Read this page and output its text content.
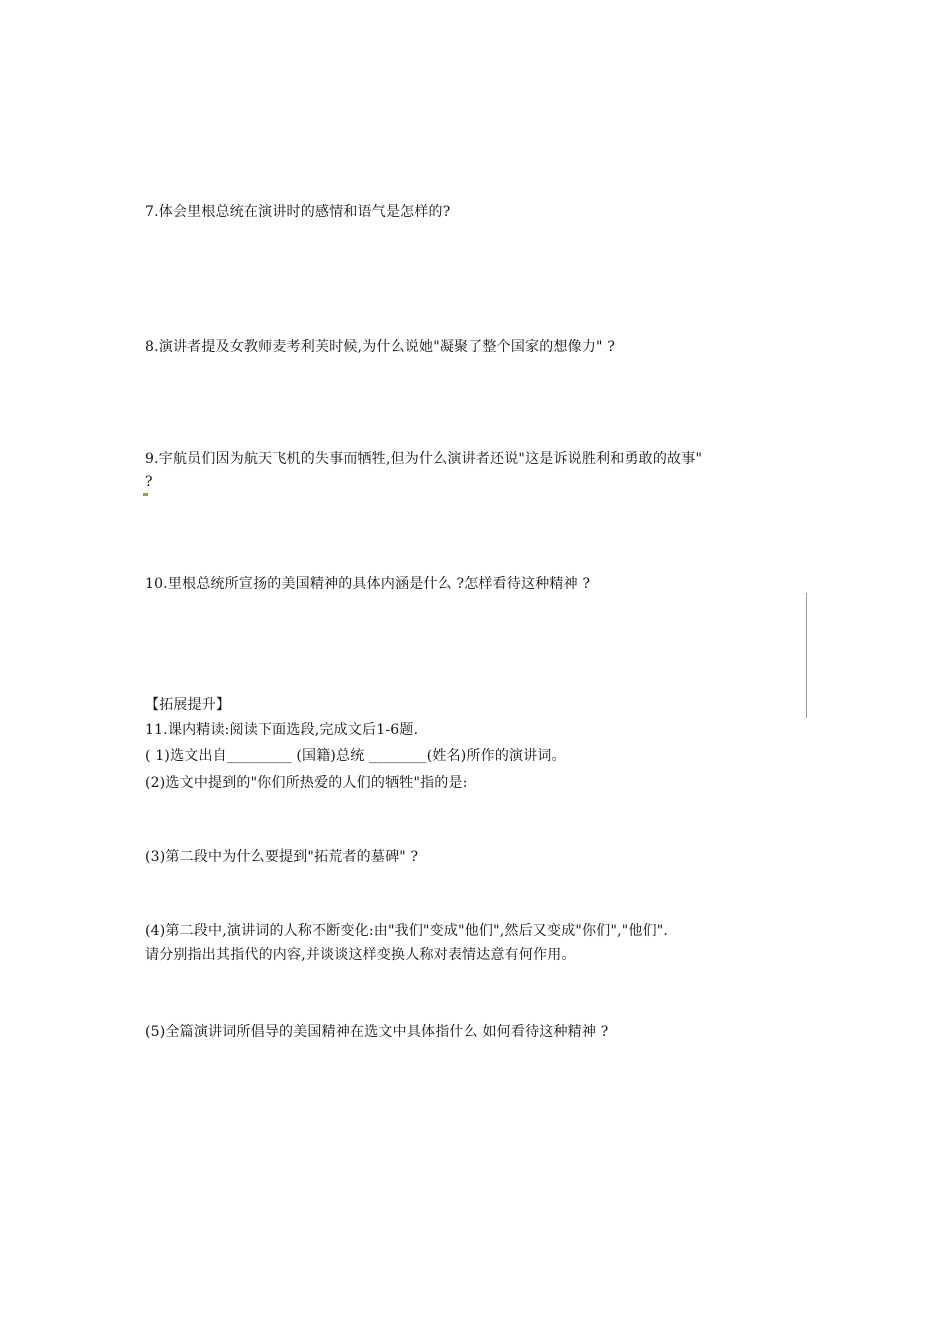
7.体会里根总统在演讲时的感情和语气是怎样的?
8.演讲者提及女教师麦考利芙时候,为什么说她"凝聚了整个国家的想像力" ?
9.宇航员们因为航天飞机的失事而牺牲,但为什么演讲者还说"这是诉说胜利和勇敢的故事"
?
10.里根总统所宣扬的美国精神的具体内涵是什么 ?怎样看待这种精神 ?
【拓展提升】
11.课内精读:阅读下面选段,完成文后1-6题.
( 1)选文出自_________ (国籍)总统 ________(姓名)所作的演讲词。
(2)选文中提到的"你们所热爱的人们的牺牲"指的是:
(3)第二段中为什么要提到"拓荒者的墓碑" ?
(4)第二段中,演讲词的人称不断变化:由"我们"变成"他们",然后又变成"你们","他们".
请分别指出其指代的内容,并谈谈这样变换人称对表情达意有何作用。
(5)全篇演讲词所倡导的美国精神在选文中具体指什么 如何看待这种精神 ?
